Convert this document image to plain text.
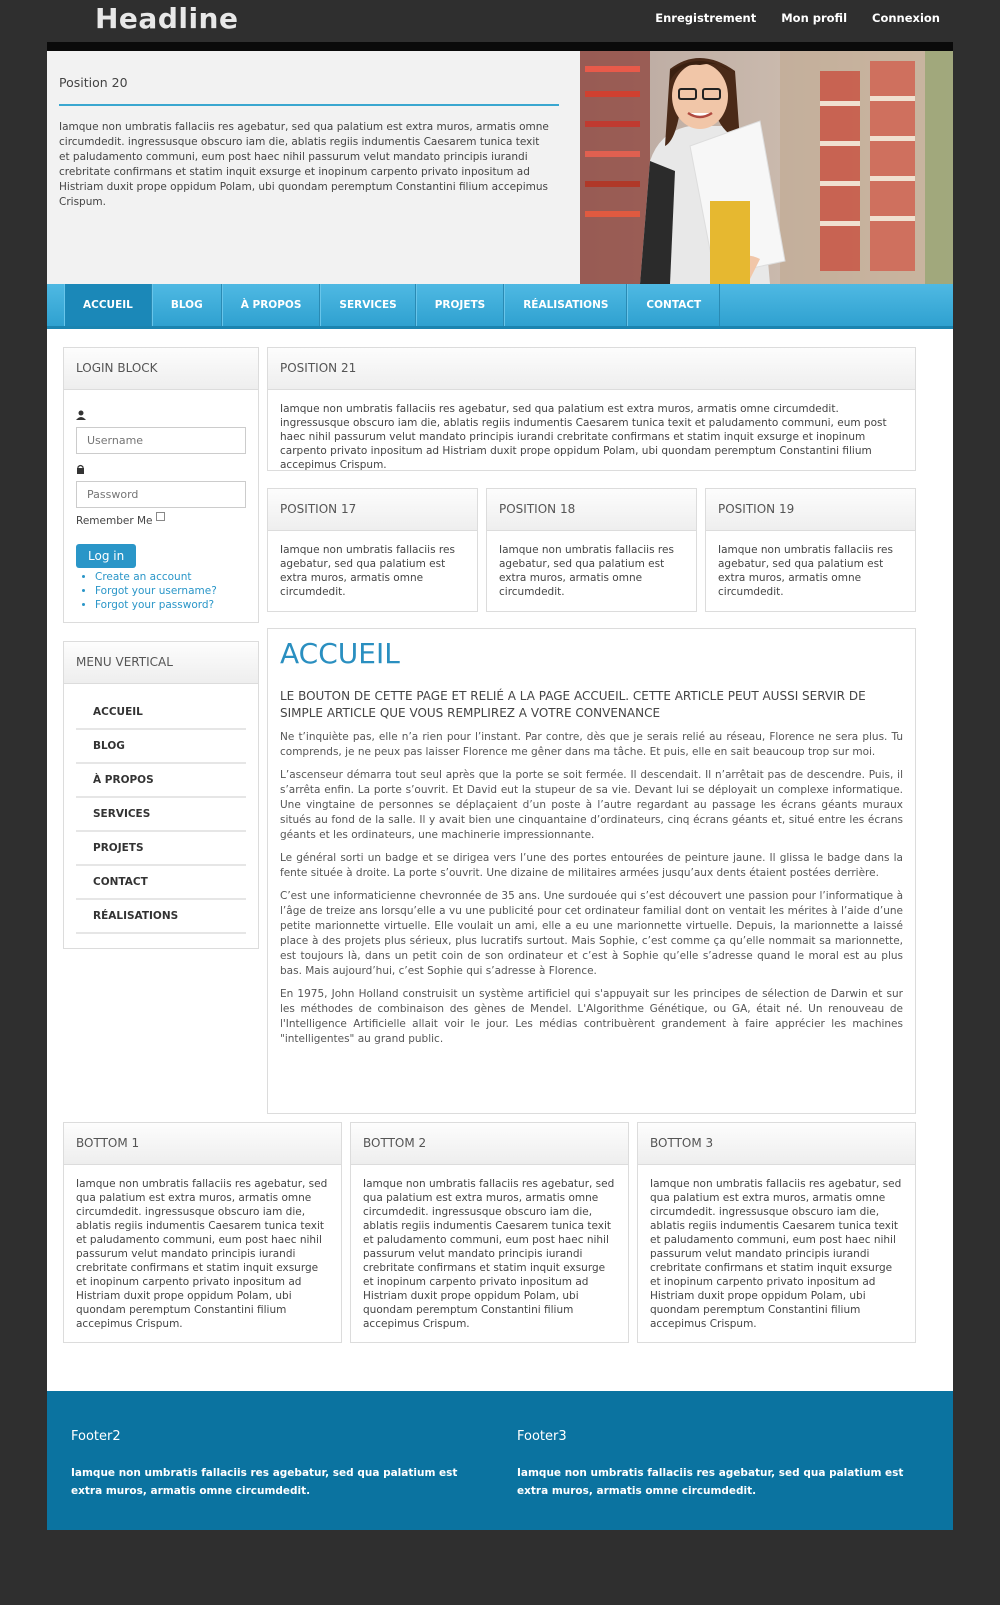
Headline	Enregistrement Mon profil Connexion
Position 20
Iamque non umbratis fallaciis res agebatur, sed qua palatium est extra muros, armatis omne circumdedit. ingressusque obscuro iam die, ablatis regiis indumentis Caesarem tunica texit et paludamento communi, eum post haec nihil passurum velut mandato principis iurandi crebritate confirmans et statim inquit exsurge et inopinum carpento privato inpositum ad Histriam duxit prope oppidum Polam, ubi quondam peremptum Constantini filium accepimus Crispum.
ACCUEIL	BLOG	À PROPOS	SERVICES	PROJETS	RÉALISATIONS	CONTACT
LOGIN BLOCK
Username
Remember Me
Log in
• Create an account
• Forgot your username?
• Forgot your password?
MENU VERTICAL
ACCUEIL
BLOG
À PROPOS
SERVICES
PROJETS
CONTACT
RÉALISATIONS
POSITION 21
Iamque non umbratis fallaciis res agebatur, sed qua palatium est extra muros, armatis omne circumdedit. ingressusque obscuro iam die, ablatis regiis indumentis Caesarem tunica texit et paludamento communi, eum post haec nihil passurum velut mandato principis iurandi crebritate confirmans et statim inquit exsurge et inopinum carpento privato inpositum ad Histriam duxit prope oppidum Polam, ubi quondam peremptum Constantini filium accepimus Crispum.
POSITION 17
Iamque non umbratis fallaciis res agebatur, sed qua palatium est extra muros, armatis omne circumdedit.
POSITION 18
Iamque non umbratis fallaciis res agebatur, sed qua palatium est extra muros, armatis omne circumdedit.
POSITION 19
Iamque non umbratis fallaciis res agebatur, sed qua palatium est extra muros, armatis omne circumdedit.
ACCUEIL
LE BOUTON DE CETTE PAGE ET RELIÉ A LA PAGE ACCUEIL. CETTE ARTICLE PEUT AUSSI SERVIR DE SIMPLE ARTICLE QUE VOUS REMPLIREZ A VOTRE CONVENANCE
Ne t’inquiète pas, elle n’a rien pour l’instant. Par contre, dès que je serais relié au réseau, Florence ne sera plus. Tu comprends, je ne peux pas laisser Florence me gêner dans ma tâche. Et puis, elle en sait beaucoup trop sur moi.
L’ascenseur démarra tout seul après que la porte se soit fermée. Il descendait. Il n’arrêtait pas de descendre. Puis, il s’arrêta enfin. La porte s’ouvrit. Et David eut la stupeur de sa vie. Devant lui se déployait un complexe informatique. Une vingtaine de personnes se déplaçaient d’un poste à l’autre regardant au passage les écrans géants muraux situés au fond de la salle. Il y avait bien une cinquantaine d’ordinateurs, cinq écrans géants et, situé entre les écrans géants et les ordinateurs, une machinerie impressionnante.
Le général sorti un badge et se dirigea vers l’une des portes entourées de peinture jaune. Il glissa le badge dans la fente située à droite. La porte s’ouvrit. Une dizaine de militaires armées jusqu’aux dents étaient postées derrière.
C’est une informaticienne chevronnée de 35 ans. Une surdouée qui s’est découvert une passion pour l’informatique à l’âge de treize ans lorsqu’elle a vu une publicité pour cet ordinateur familial dont on ventait les mérites à l’aide d’une petite marionnette virtuelle. Elle voulait un ami, elle a eu une marionnette virtuelle. Depuis, la marionnette a laissé place à des projets plus sérieux, plus lucratifs surtout. Mais Sophie, c’est comme ça qu’elle nommait sa marionnette, est toujours là, dans un petit coin de son ordinateur et c’est à Sophie qu’elle s’adresse quand le moral est au plus bas. Mais aujourd’hui, c’est Sophie qui s’adresse à Florence.
En 1975, John Holland construisit un système artificiel qui s'appuyait sur les principes de sélection de Darwin et sur les méthodes de combinaison des gènes de Mendel. L'Algorithme Génétique, ou GA, était né. Un renouveau de l'Intelligence Artificielle allait voir le jour. Les médias contribuèrent grandement à faire apprécier les machines "intelligentes" au grand public.
BOTTOM 1
Iamque non umbratis fallaciis res agebatur, sed qua palatium est extra muros, armatis omne circumdedit. ingressusque obscuro iam die, ablatis regiis indumentis Caesarem tunica texit et paludamento communi, eum post haec nihil passurum velut mandato principis iurandi crebritate confirmans et statim inquit exsurge et inopinum carpento privato inpositum ad Histriam duxit prope oppidum Polam, ubi quondam peremptum Constantini filium accepimus Crispum.
BOTTOM 2
Iamque non umbratis fallaciis res agebatur, sed qua palatium est extra muros, armatis omne circumdedit. ingressusque obscuro iam die, ablatis regiis indumentis Caesarem tunica texit et paludamento communi, eum post haec nihil passurum velut mandato principis iurandi crebritate confirmans et statim inquit exsurge et inopinum carpento privato inpositum ad Histriam duxit prope oppidum Polam, ubi quondam peremptum Constantini filium accepimus Crispum.
BOTTOM 3
Iamque non umbratis fallaciis res agebatur, sed qua palatium est extra muros, armatis omne circumdedit. ingressusque obscuro iam die, ablatis regiis indumentis Caesarem tunica texit et paludamento communi, eum post haec nihil passurum velut mandato principis iurandi crebritate confirmans et statim inquit exsurge et inopinum carpento privato inpositum ad Histriam duxit prope oppidum Polam, ubi quondam peremptum Constantini filium accepimus Crispum.
Footer2
Iamque non umbratis fallaciis res agebatur, sed qua palatium est extra muros, armatis omne circumdedit.
Footer3
Iamque non umbratis fallaciis res agebatur, sed qua palatium est extra muros, armatis omne circumdedit.
